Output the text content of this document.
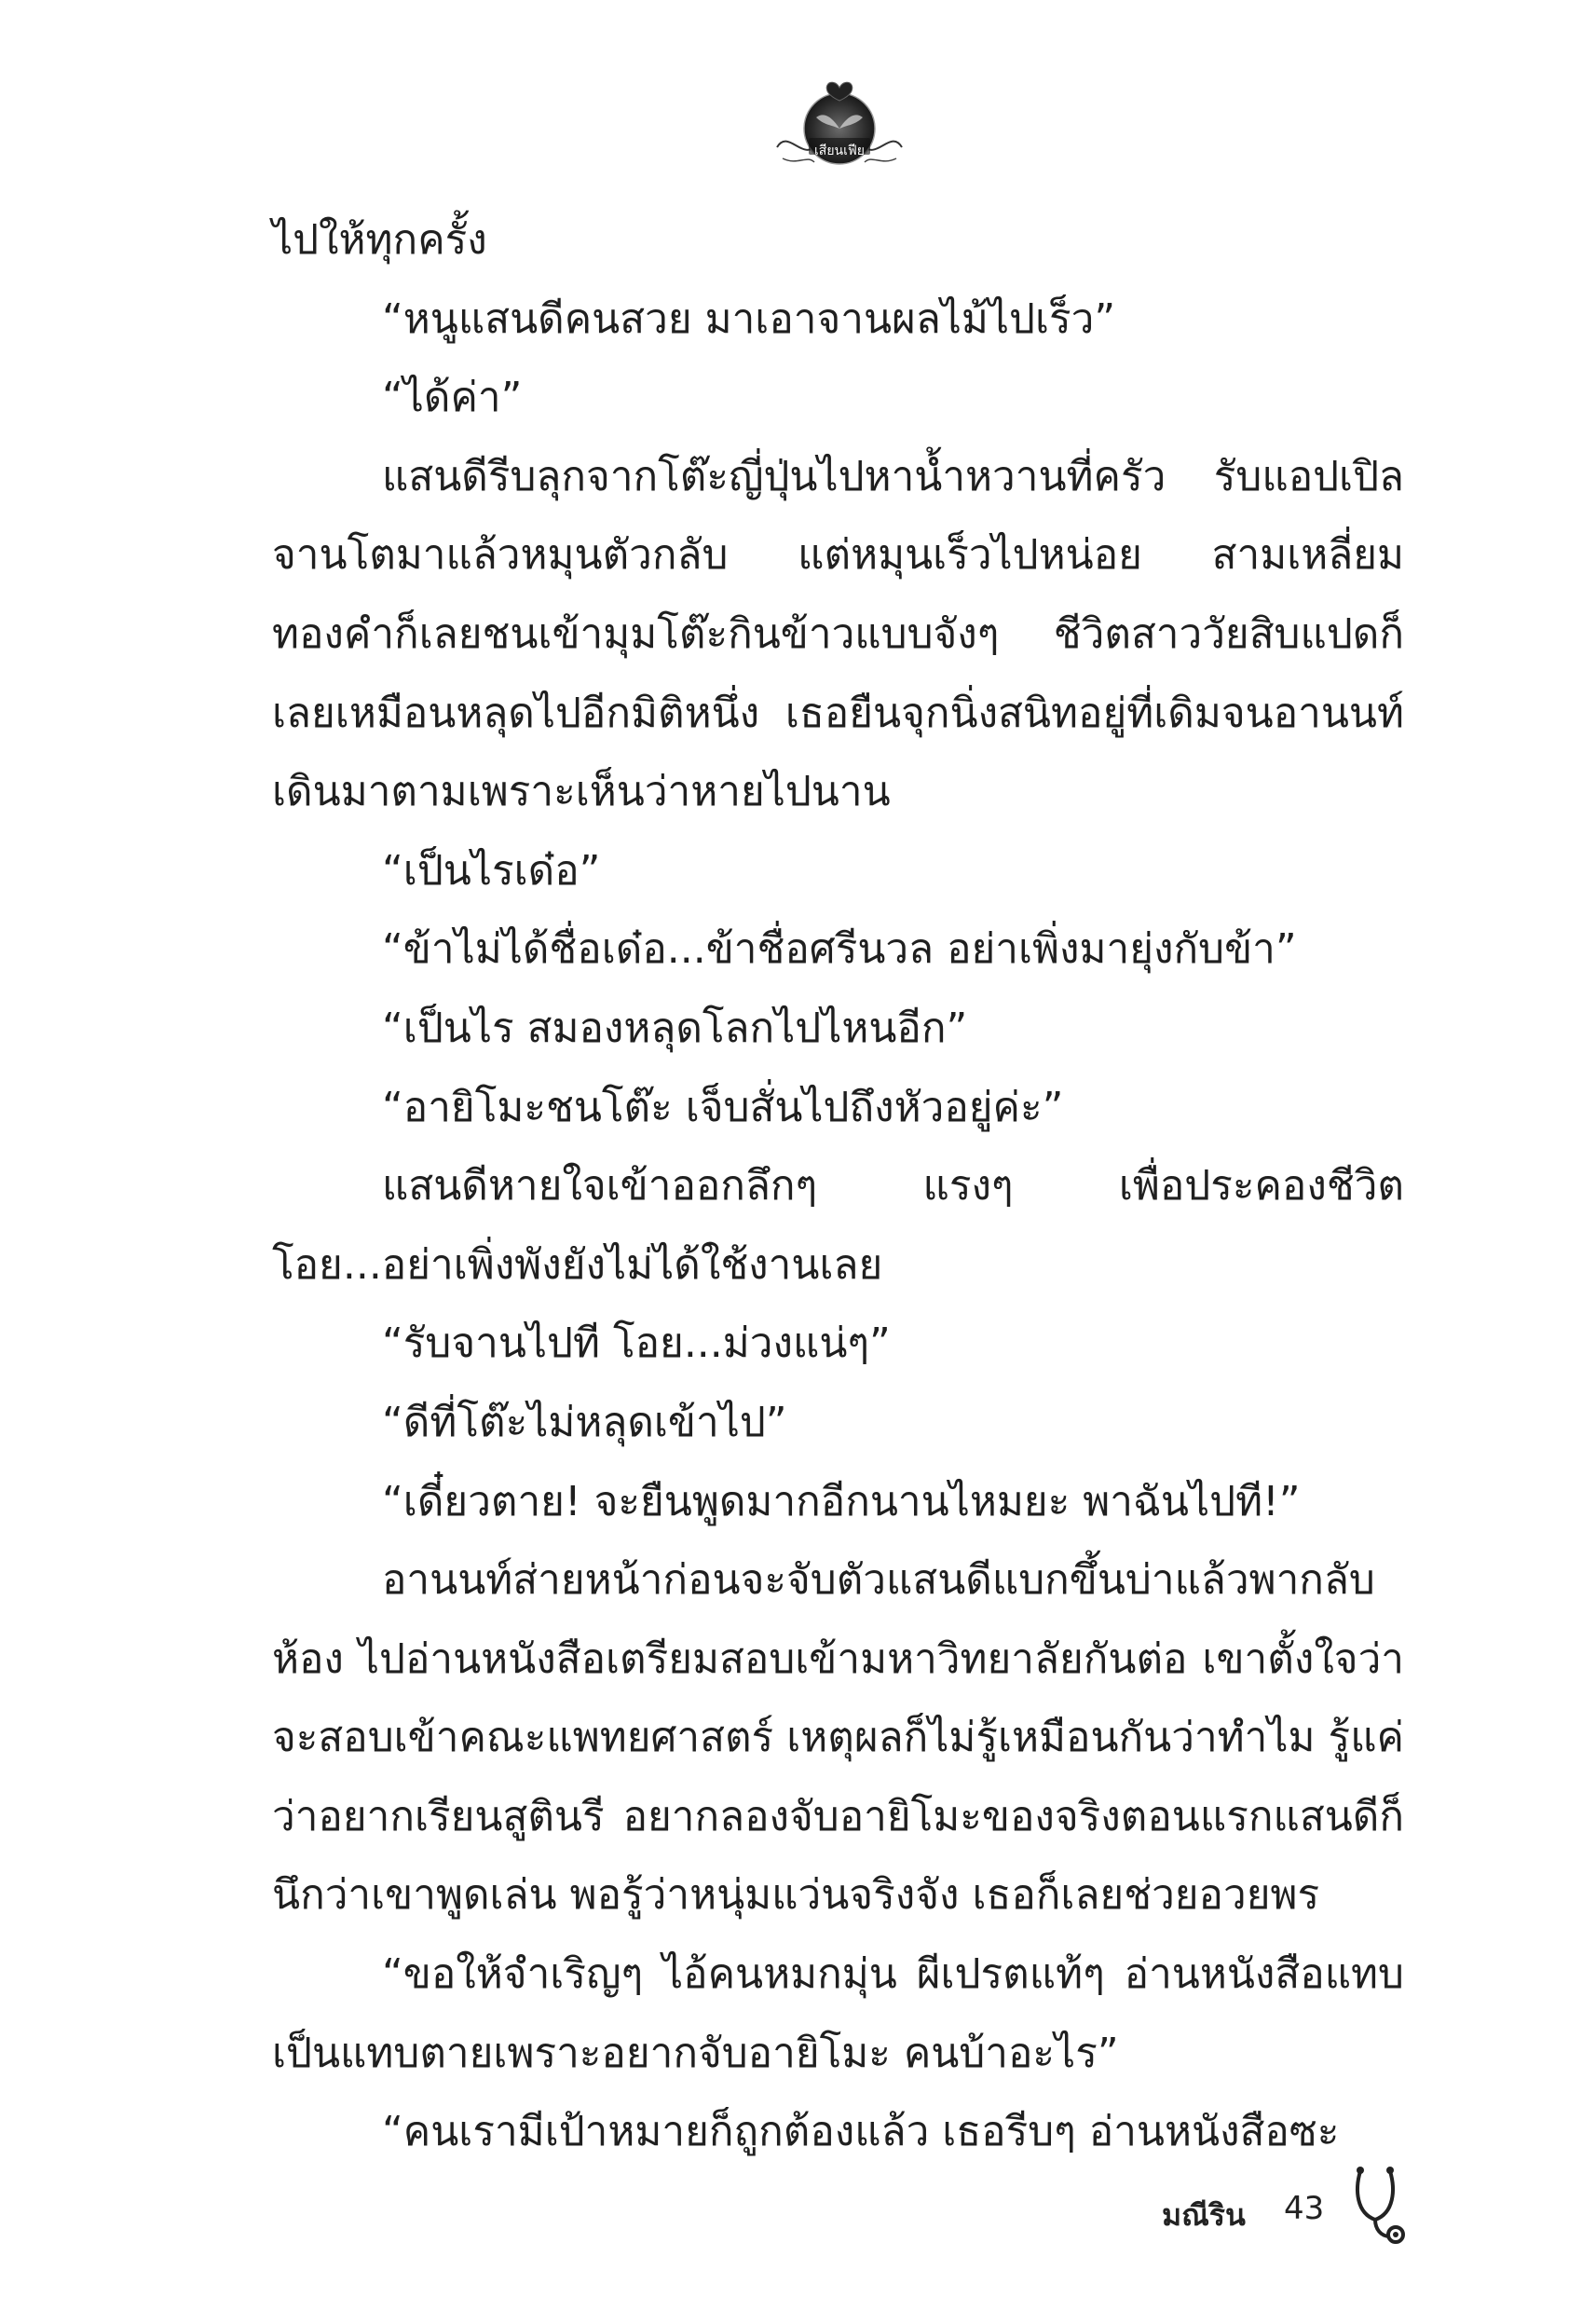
เสียนเฟีย

ไปให้ทุกครั้ง

“หนูแสนดีคนสวย มาเอาจานผลไม้ไปเร็ว”

“ได้ค่า”

แสนดีรีบลุกจากโต๊ะญี่ปุ่นไปหาน้ำหวานที่ครัว รับแอปเปิลจานโตมาแล้วหมุนตัวกลับ แต่หมุนเร็วไปหน่อย สามเหลี่ยมทองคำก็เลยชนเข้ามุมโต๊ะกินข้าวแบบจังๆ ชีวิตสาววัยสิบแปดก็เลยเหมือนหลุดไปอีกมิติหนึ่ง เธอยืนจุกนิ่งสนิทอยู่ที่เดิมจนอานนท์เดินมาตามเพราะเห็นว่าหายไปนาน

“เป็นไรเด๋อ”

“ข้าไม่ได้ชื่อเด๋อ...ข้าชื่อศรีนวล อย่าเพิ่งมายุ่งกับข้า”

“เป็นไร สมองหลุดโลกไปไหนอีก”

“อายิโมะชนโต๊ะ เจ็บสั่นไปถึงหัวอยู่ค่ะ”

แสนดีหายใจเข้าออกลึกๆ แรงๆ เพื่อประคองชีวิต โอย...อย่าเพิ่งพังยังไม่ได้ใช้งานเลย

“รับจานไปที โอย...ม่วงแน่ๆ”

“ดีที่โต๊ะไม่หลุดเข้าไป”

“เดี๋ยวตาย! จะยืนพูดมากอีกนานไหมยะ พาฉันไปที!”

อานนท์ส่ายหน้าก่อนจะจับตัวแสนดีแบกขึ้นบ่าแล้วพากลับห้อง ไปอ่านหนังสือเตรียมสอบเข้ามหาวิทยาลัยกันต่อ เขาตั้งใจว่าจะสอบเข้าคณะแพทยศาสตร์ เหตุผลก็ไม่รู้เหมือนกันว่าทำไม รู้แค่ว่าอยากเรียนสูตินรี อยากลองจับอายิโมะของจริงตอนแรกแสนดีก็นึกว่าเขาพูดเล่น พอรู้ว่าหนุ่มแว่นจริงจัง เธอก็เลยช่วยอวยพร

“ขอให้จำเริญๆ ไอ้คนหมกมุ่น ผีเปรตแท้ๆ อ่านหนังสือแทบเป็นแทบตายเพราะอยากจับอายิโมะ คนบ้าอะไร”

“คนเรามีเป้าหมายก็ถูกต้องแล้ว เธอรีบๆ อ่านหนังสือซะ

มณีริน 43
